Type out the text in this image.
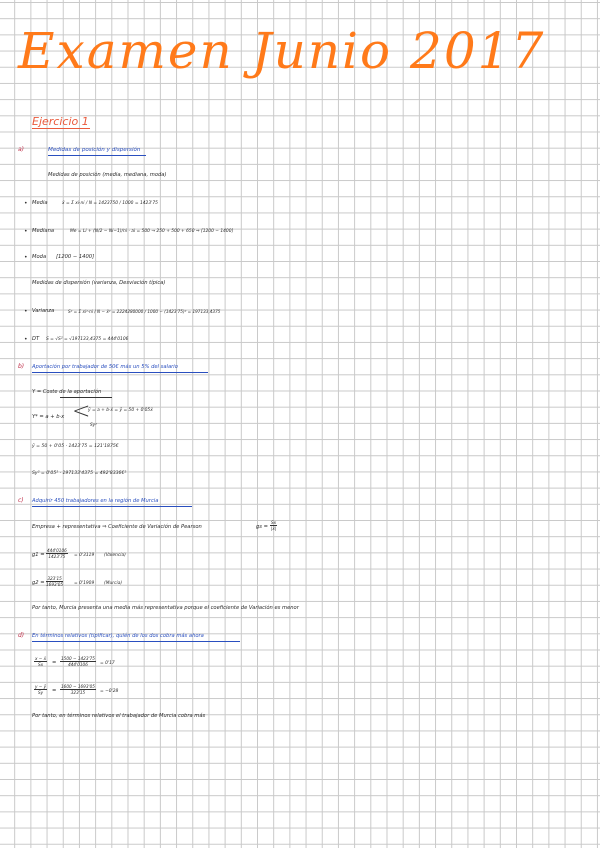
Examen Junio 2017
Ejercicio 1
a)	Medidas de posición y dispersión
Medidas de posición (media, mediana, moda)
• Media	x̄ = Σ xi·ni / N = 1423750 / 1000 = 1423'75
• Mediana	Me = Li + (N/2 − Ni−1)/ni · ai = 500 → 250 + 500 + 650 ⇒ [1200 − 1400]
• Moda [1200 − 1400]
Medidas de dispersión (varianza, Desviación típica)
• Varianza	S² = Σ xi²·ni / N − x̄² = 2224280000 / 1000 − (1423'75)² = 197133,4375
• DT S = √S² = √197133,4375 = 444'0106
b) Aportación por trabajador de 50€ más un 5% del salario
Y = Coste de la aportación
Y* = a + b·x <
ȳ = a + b·x̄ = ȳ = 50 + 0'05x̄
Sy²
ȳ = 50 + 0'05 · 1423'75 = 121'1875€
Sy² = 0'05² · 197133'4375 = 492'8336€²
c) Adquirir 450 trabajadores en la región de Murcia
Empresa + representativa ⇒ Coeficiente de Variación de Pearson	gs = $\frac{Sx}{|x̄|}$
$g1 = \frac{444'0106}{1423'75} = 0'3119$ (Valencia)
$g2 = \frac{323'15}{1693'05} = 0'1909$ (Murcia)
Por tanto, Murcia presenta una media más representativa porque el coeficiente de Variación es menor
d) En términos relativos (tipificar), quién de los dos cobra más ahora
$\frac{x - x̄}{Sx} = \frac{1500 - 1423'75}{444'0106} = 0'17$
$\frac{y - ȳ}{Sy} = \frac{1600 - 1693'05}{323'15} = -0'28$
Por tanto, en términos relativos el trabajador de Murcia cobra más
